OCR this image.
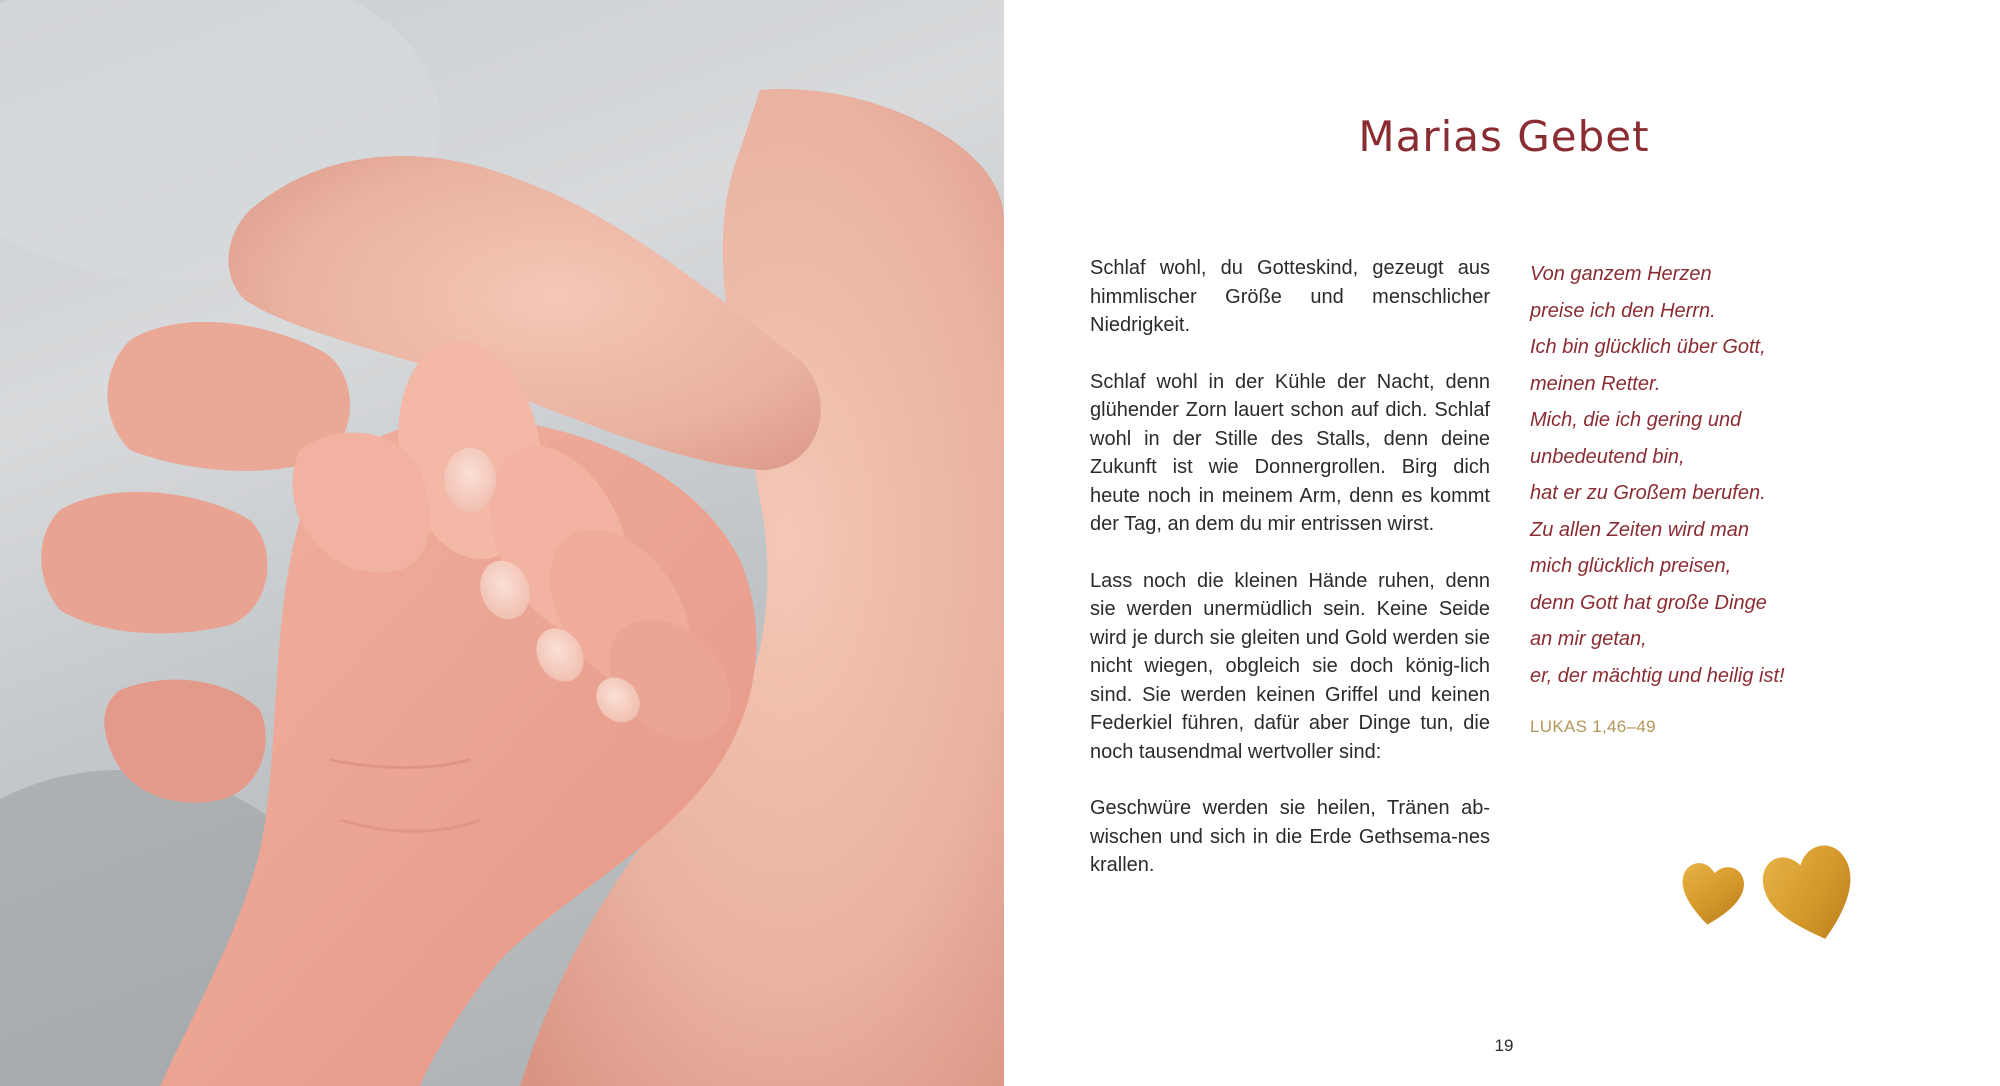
Marias Gebet

Schlaf wohl, du Gotteskind, gezeugt aus himmlischer Größe und menschlicher Niedrigkeit.

Schlaf wohl in der Kühle der Nacht, denn glühender Zorn lauert schon auf dich. Schlaf wohl in der Stille des Stalls, denn deine Zukunft ist wie Donnergrollen. Birg dich heute noch in meinem Arm, denn es kommt der Tag, an dem du mir entrissen wirst.

Lass noch die kleinen Hände ruhen, denn sie werden unermüdlich sein. Keine Seide wird je durch sie gleiten und Gold werden sie nicht wiegen, obgleich sie doch könig-lich sind. Sie werden keinen Griffel und keinen Federkiel führen, dafür aber Dinge tun, die noch tausendmal wertvoller sind:

Geschwüre werden sie heilen, Tränen ab-wischen und sich in die Erde Gethsema-nes krallen.

Von ganzem Herzen
preise ich den Herrn.
Ich bin glücklich über Gott,
meinen Retter.
Mich, die ich gering und
unbedeutend bin,
hat er zu Großem berufen.
Zu allen Zeiten wird man
mich glücklich preisen,
denn Gott hat große Dinge
an mir getan,
er, der mächtig und heilig ist!
LUKAS 1,46–49
19
